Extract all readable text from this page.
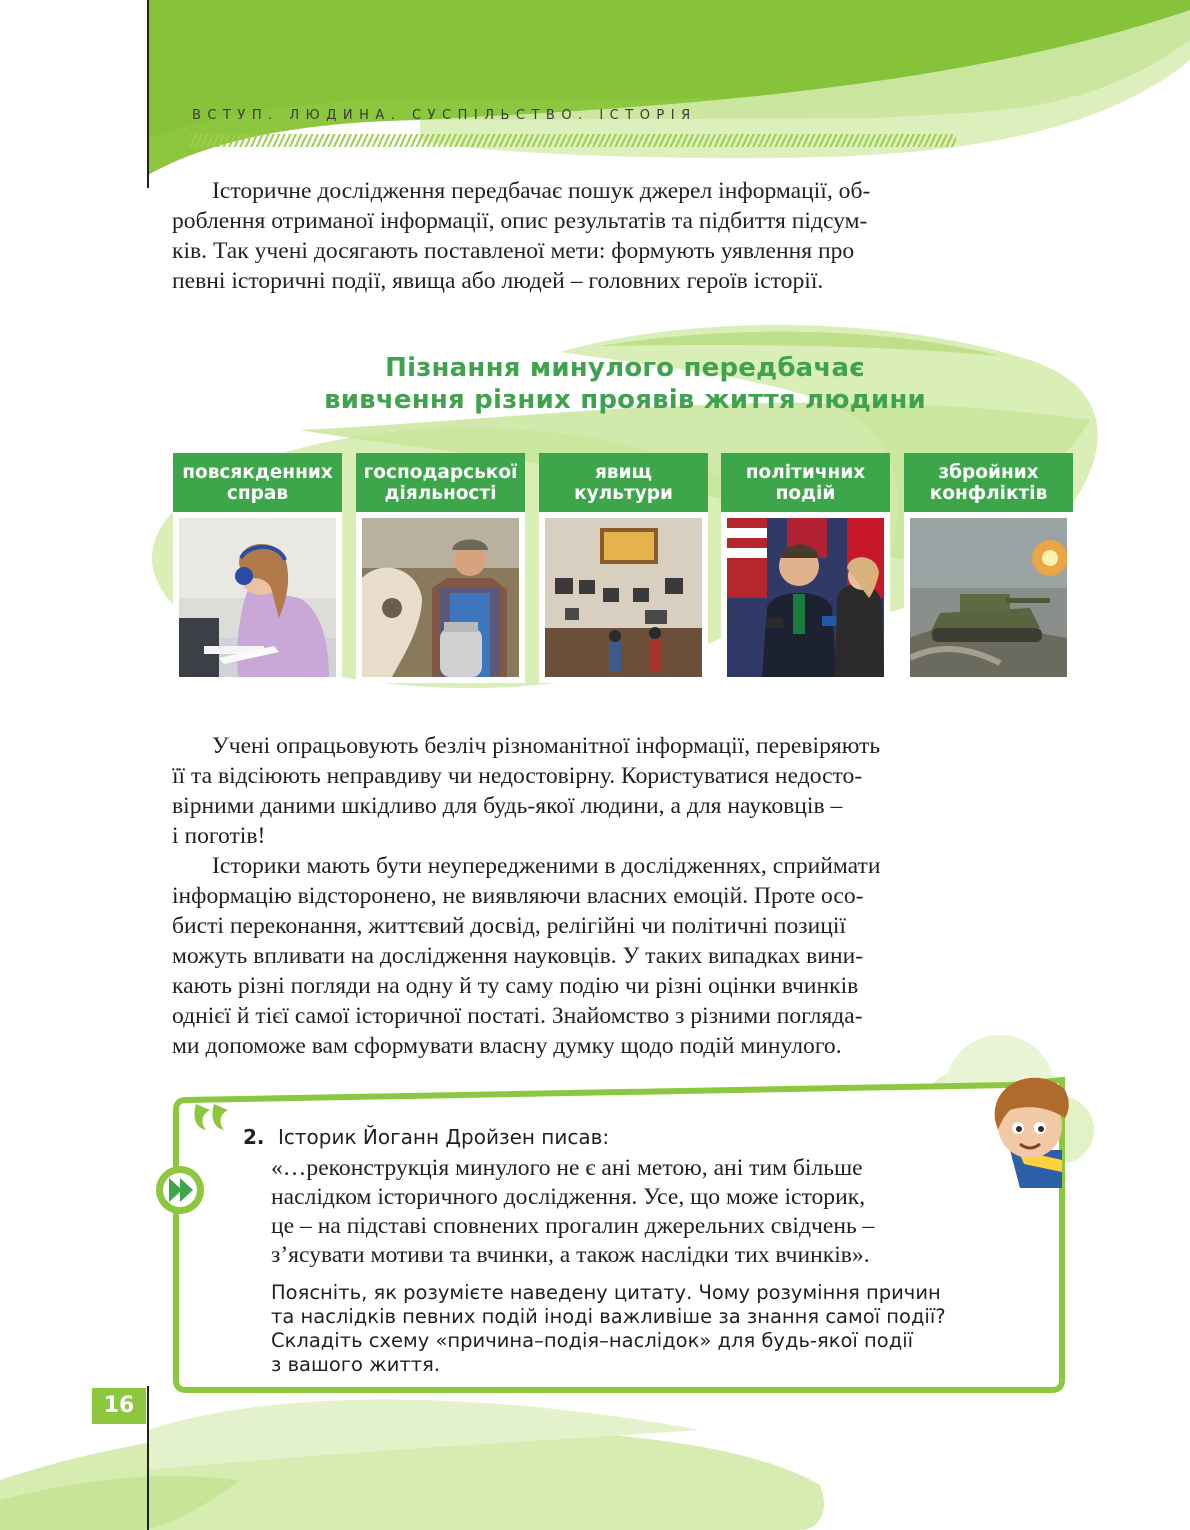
ВСТУП. ЛЮДИНА. СУСПІЛЬСТВО. ІСТОРІЯ
Історичне дослідження передбачає пошук джерел інформації, об-
роблення отриманої інформації, опис результатів та підбиття підсум-
ків. Так учені досягають поставленої мети: формують уявлення про
певні історичні події, явища або людей – головних героїв історії.
Пізнання минулого передбачає
вивчення різних проявів життя людини
повсякденних
справ
господарської
діяльності
явищ
культури
політичних
подій
збройних
конфліктів
Учені опрацьовують безліч різноманітної інформації, перевіряють
її та відсіюють неправдиву чи недостовірну. Користуватися недосто-
вірними даними шкідливо для будь-якої людини, а для науковців –
і поготів!
Історики мають бути неупередженими в дослідженнях, сприймати
інформацію відсторонено, не виявляючи власних емоцій. Проте осо-
бисті переконання, життєвий досвід, релігійні чи політичні позиції
можуть впливати на дослідження науковців. У таких випадках вини-
кають різні погляди на одну й ту саму подію чи різні оцінки вчинків
однієї й тієї самої історичної постаті. Знайомство з різними погляда-
ми допоможе вам сформувати власну думку щодо подій минулого.
2. Історик Йоганн Дройзен писав:
«…реконструкція минулого не є ані метою, ані тим більше
наслідком історичного дослідження. Усе, що може історик,
це – на підставі сповнених прогалин джерельних свідчень –
з’ясувати мотиви та вчинки, а також наслідки тих вчинків».
Поясніть, як розумієте наведену цитату. Чому розуміння причин
та наслідків певних подій іноді важливіше за знання самої події?
Складіть схему «причина–подія–наслідок» для будь-якої події
з вашого життя.
16
